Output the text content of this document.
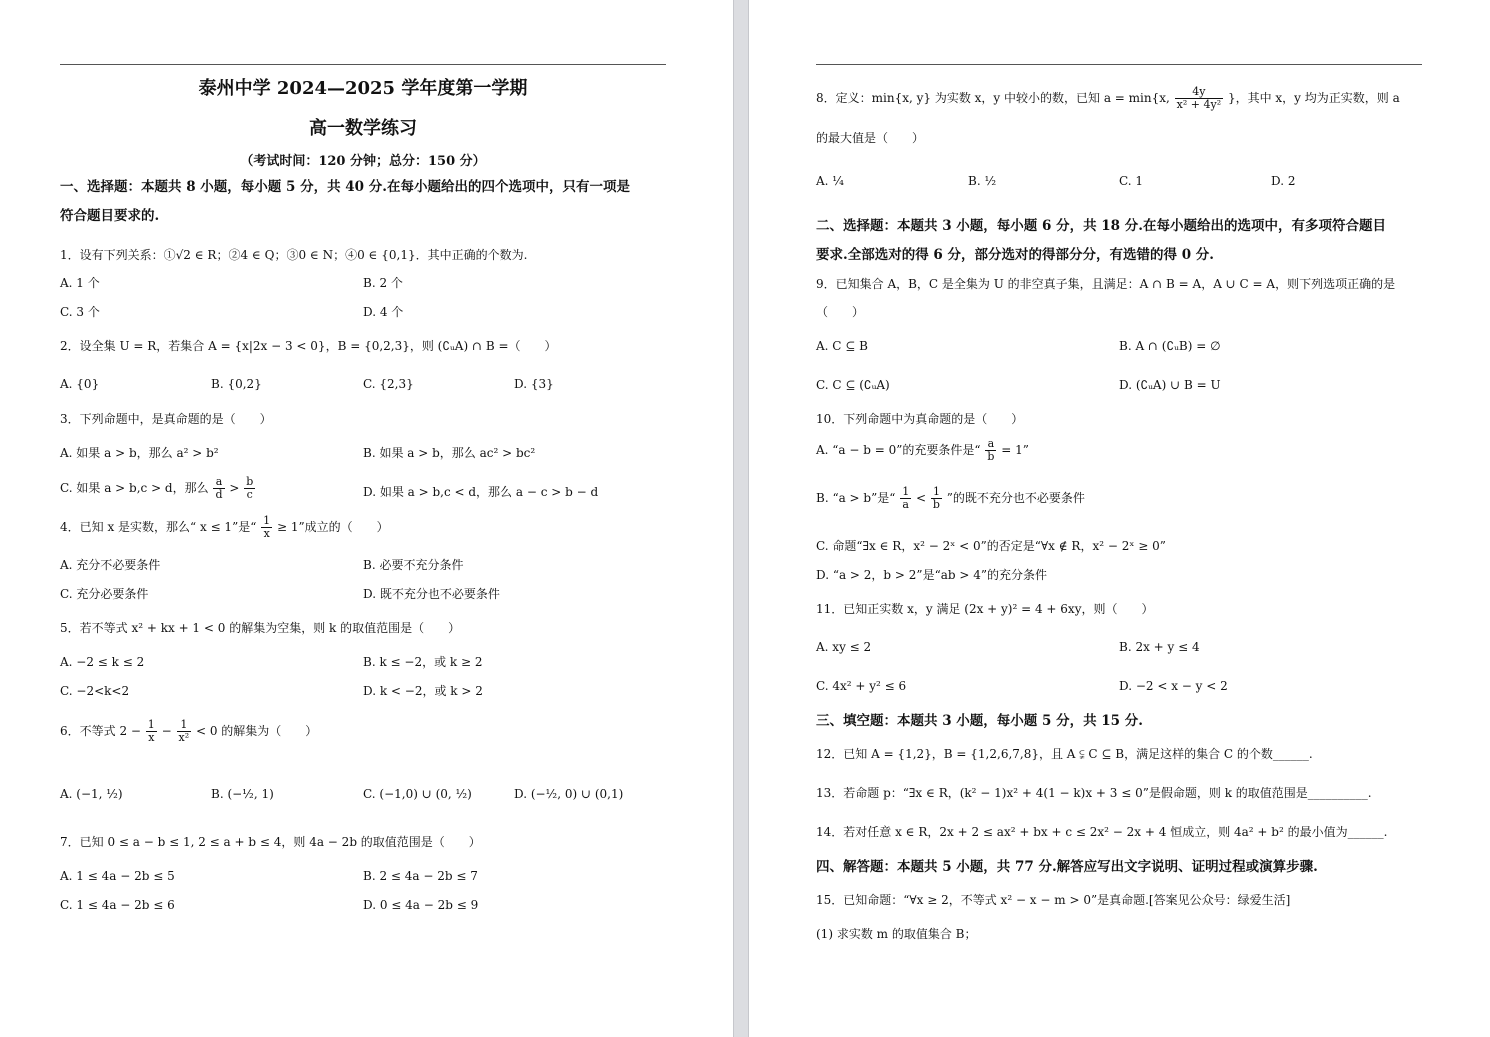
泰州中学 2024—2025 学年度第一学期
高一数学练习
（考试时间：120 分钟；总分：150 分）
一、选择题：本题共 8 小题，每小题 5 分，共 40 分.在每小题给出的四个选项中，只有一项是
符合题目要求的.
1．设有下列关系：①√2 ∈ R；②4 ∈ Q；③0 ∈ N；④0 ∈ {0,1}．其中正确的个数为.
A. 1 个	B. 2 个
C. 3 个	D. 4 个
2．设全集 U = R，若集合 A = {x|2x − 3 < 0}，B = {0,2,3}，则 (∁ᵤA) ∩ B =（　　）
A. {0}	B. {0,2}	C. {2,3}	D. {3}
3．下列命题中，是真命题的是（　　）
A. 如果 a > b，那么 a² > b²	B. 如果 a > b，那么 ac² > bc²
C. 如果 a > b,c > d，那么 $\frac{a}{d} > \frac{b}{c}$	D. 如果 a > b,c < d，那么 a − c > b − d
4．已知 x 是实数，那么“ x ≤ 1”是“ $\frac{1}{x} \ge 1$”成立的（　　）
A. 充分不必要条件	B. 必要不充分条件
C. 充分必要条件	D. 既不充分也不必要条件
5．若不等式 x² + kx + 1 < 0 的解集为空集，则 k 的取值范围是（　　）
A. −2 ≤ k ≤ 2	B. k ≤ −2，或 k ≥ 2
C. −2<k<2	D. k < −2，或 k > 2
6．不等式 $2 - \frac{1}{x} - \frac{1}{\text{x²}} < 0$ 的解集为（　　）
A. (−1, ½)	B. (−½, 1)	C. (−1,0) ∪ (0, ½)	D. (−½, 0) ∪ (0,1)
7．已知 0 ≤ a − b ≤ 1, 2 ≤ a + b ≤ 4，则 4a − 2b 的取值范围是（　　）
A. 1 ≤ 4a − 2b ≤ 5	B. 2 ≤ 4a − 2b ≤ 7
C. 1 ≤ 4a − 2b ≤ 6	D. 0 ≤ 4a − 2b ≤ 9
8．定义：min{x, y} 为实数 x，y 中较小的数，已知 a = min{x, $\frac{4y}{\text{x² + 4y²}}$ }，其中 x，y 均为正实数，则 a
的最大值是（　　）
A. ¼	B. ½	C. 1	D. 2
二、选择题：本题共 3 小题，每小题 6 分，共 18 分.在每小题给出的选项中，有多项符合题目
要求.全部选对的得 6 分，部分选对的得部分分，有选错的得 0 分.
9．已知集合 A，B，C 是全集为 U 的非空真子集，且满足：A ∩ B = A，A ∪ C = A，则下列选项正确的是
（　　）
A. C ⊆ B	B. A ∩ (∁ᵤB) = ∅
C. C ⊆ (∁ᵤA)	D. (∁ᵤA) ∪ B = U
10．下列命题中为真命题的是（　　）
A. “a − b = 0”的充要条件是“ $\frac{a}{b} = 1$”
B. “a > b”是“ $\frac{1}{a} < \frac{1}{b}$ ”的既不充分也不必要条件
C. 命题“∃x ∈ R，x² − 2ˣ < 0”的否定是“∀x ∉ R，x² − 2ˣ ≥ 0”
D. “a > 2，b > 2”是“ab > 4”的充分条件
11．已知正实数 x，y 满足 (2x + y)² = 4 + 6xy，则（　　）
A. xy ≤ 2	B. 2x + y ≤ 4
C. 4x² + y² ≤ 6	D. −2 < x − y < 2
三、填空题：本题共 3 小题，每小题 5 分，共 15 分.
12．已知 A = {1,2}，B = {1,2,6,7,8}，且 A ⫋ C ⊆ B，满足这样的集合 C 的个数______.
13．若命题 p：“∃x ∈ R，(k² − 1)x² + 4(1 − k)x + 3 ≤ 0”是假命题，则 k 的取值范围是__________.
14．若对任意 x ∈ R，2x + 2 ≤ ax² + bx + c ≤ 2x² − 2x + 4 恒成立，则 4a² + b² 的最小值为______.
四、解答题：本题共 5 小题，共 77 分.解答应写出文字说明、证明过程或演算步骤.
15．已知命题：“∀x ≥ 2，不等式 x² − x − m > 0”是真命题.[答案见公众号：绿爱生活]
(1) 求实数 m 的取值集合 B；
